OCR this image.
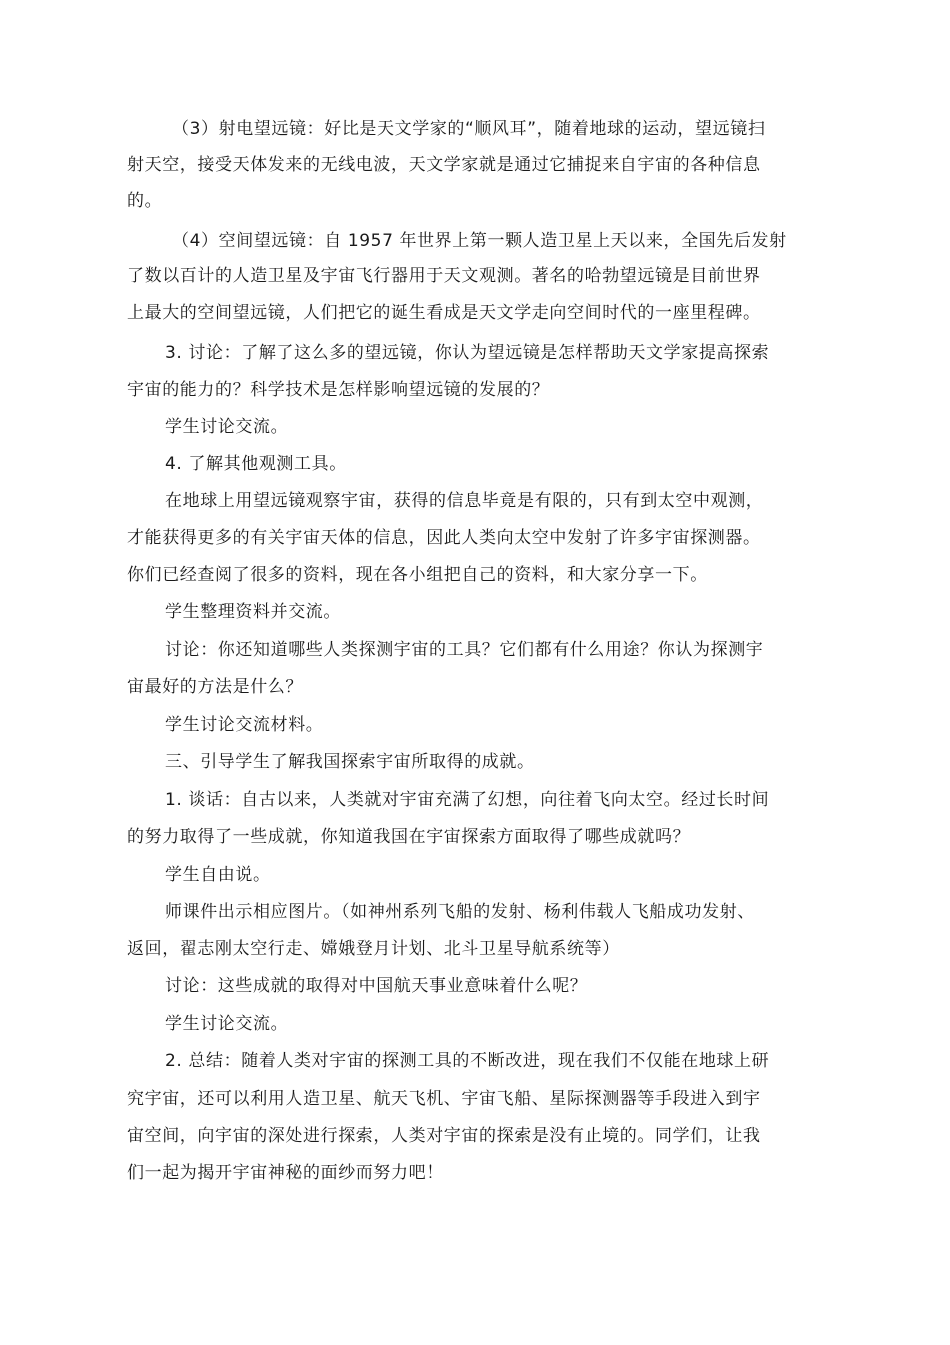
（3）射电望远镜：好比是天文学家的“顺风耳”，随着地球的运动，望远镜扫
射天空，接受天体发来的无线电波，天文学家就是通过它捕捉来自宇宙的各种信息
的。
（4）空间望远镜：自 1957 年世界上第一颗人造卫星上天以来，全国先后发射
了数以百计的人造卫星及宇宙飞行器用于天文观测。著名的哈勃望远镜是目前世界
上最大的空间望远镜，人们把它的诞生看成是天文学走向空间时代的一座里程碑。
3. 讨论：了解了这么多的望远镜，你认为望远镜是怎样帮助天文学家提高探索
宇宙的能力的？科学技术是怎样影响望远镜的发展的？
学生讨论交流。
4. 了解其他观测工具。
在地球上用望远镜观察宇宙，获得的信息毕竟是有限的，只有到太空中观测，
才能获得更多的有关宇宙天体的信息，因此人类向太空中发射了许多宇宙探测器。
你们已经查阅了很多的资料，现在各小组把自己的资料，和大家分享一下。
学生整理资料并交流。
讨论：你还知道哪些人类探测宇宙的工具？它们都有什么用途？你认为探测宇
宙最好的方法是什么？
学生讨论交流材料。
三、引导学生了解我国探索宇宙所取得的成就。
1. 谈话：自古以来，人类就对宇宙充满了幻想，向往着飞向太空。经过长时间
的努力取得了一些成就，你知道我国在宇宙探索方面取得了哪些成就吗？
学生自由说。
师课件出示相应图片。（如神州系列飞船的发射、杨利伟载人飞船成功发射、
返回，翟志刚太空行走、嫦娥登月计划、北斗卫星导航系统等）
讨论：这些成就的取得对中国航天事业意味着什么呢？
学生讨论交流。
2. 总结：随着人类对宇宙的探测工具的不断改进，现在我们不仅能在地球上研
究宇宙，还可以利用人造卫星、航天飞机、宇宙飞船、星际探测器等手段进入到宇
宙空间，向宇宙的深处进行探索，人类对宇宙的探索是没有止境的。同学们，让我
们一起为揭开宇宙神秘的面纱而努力吧！
